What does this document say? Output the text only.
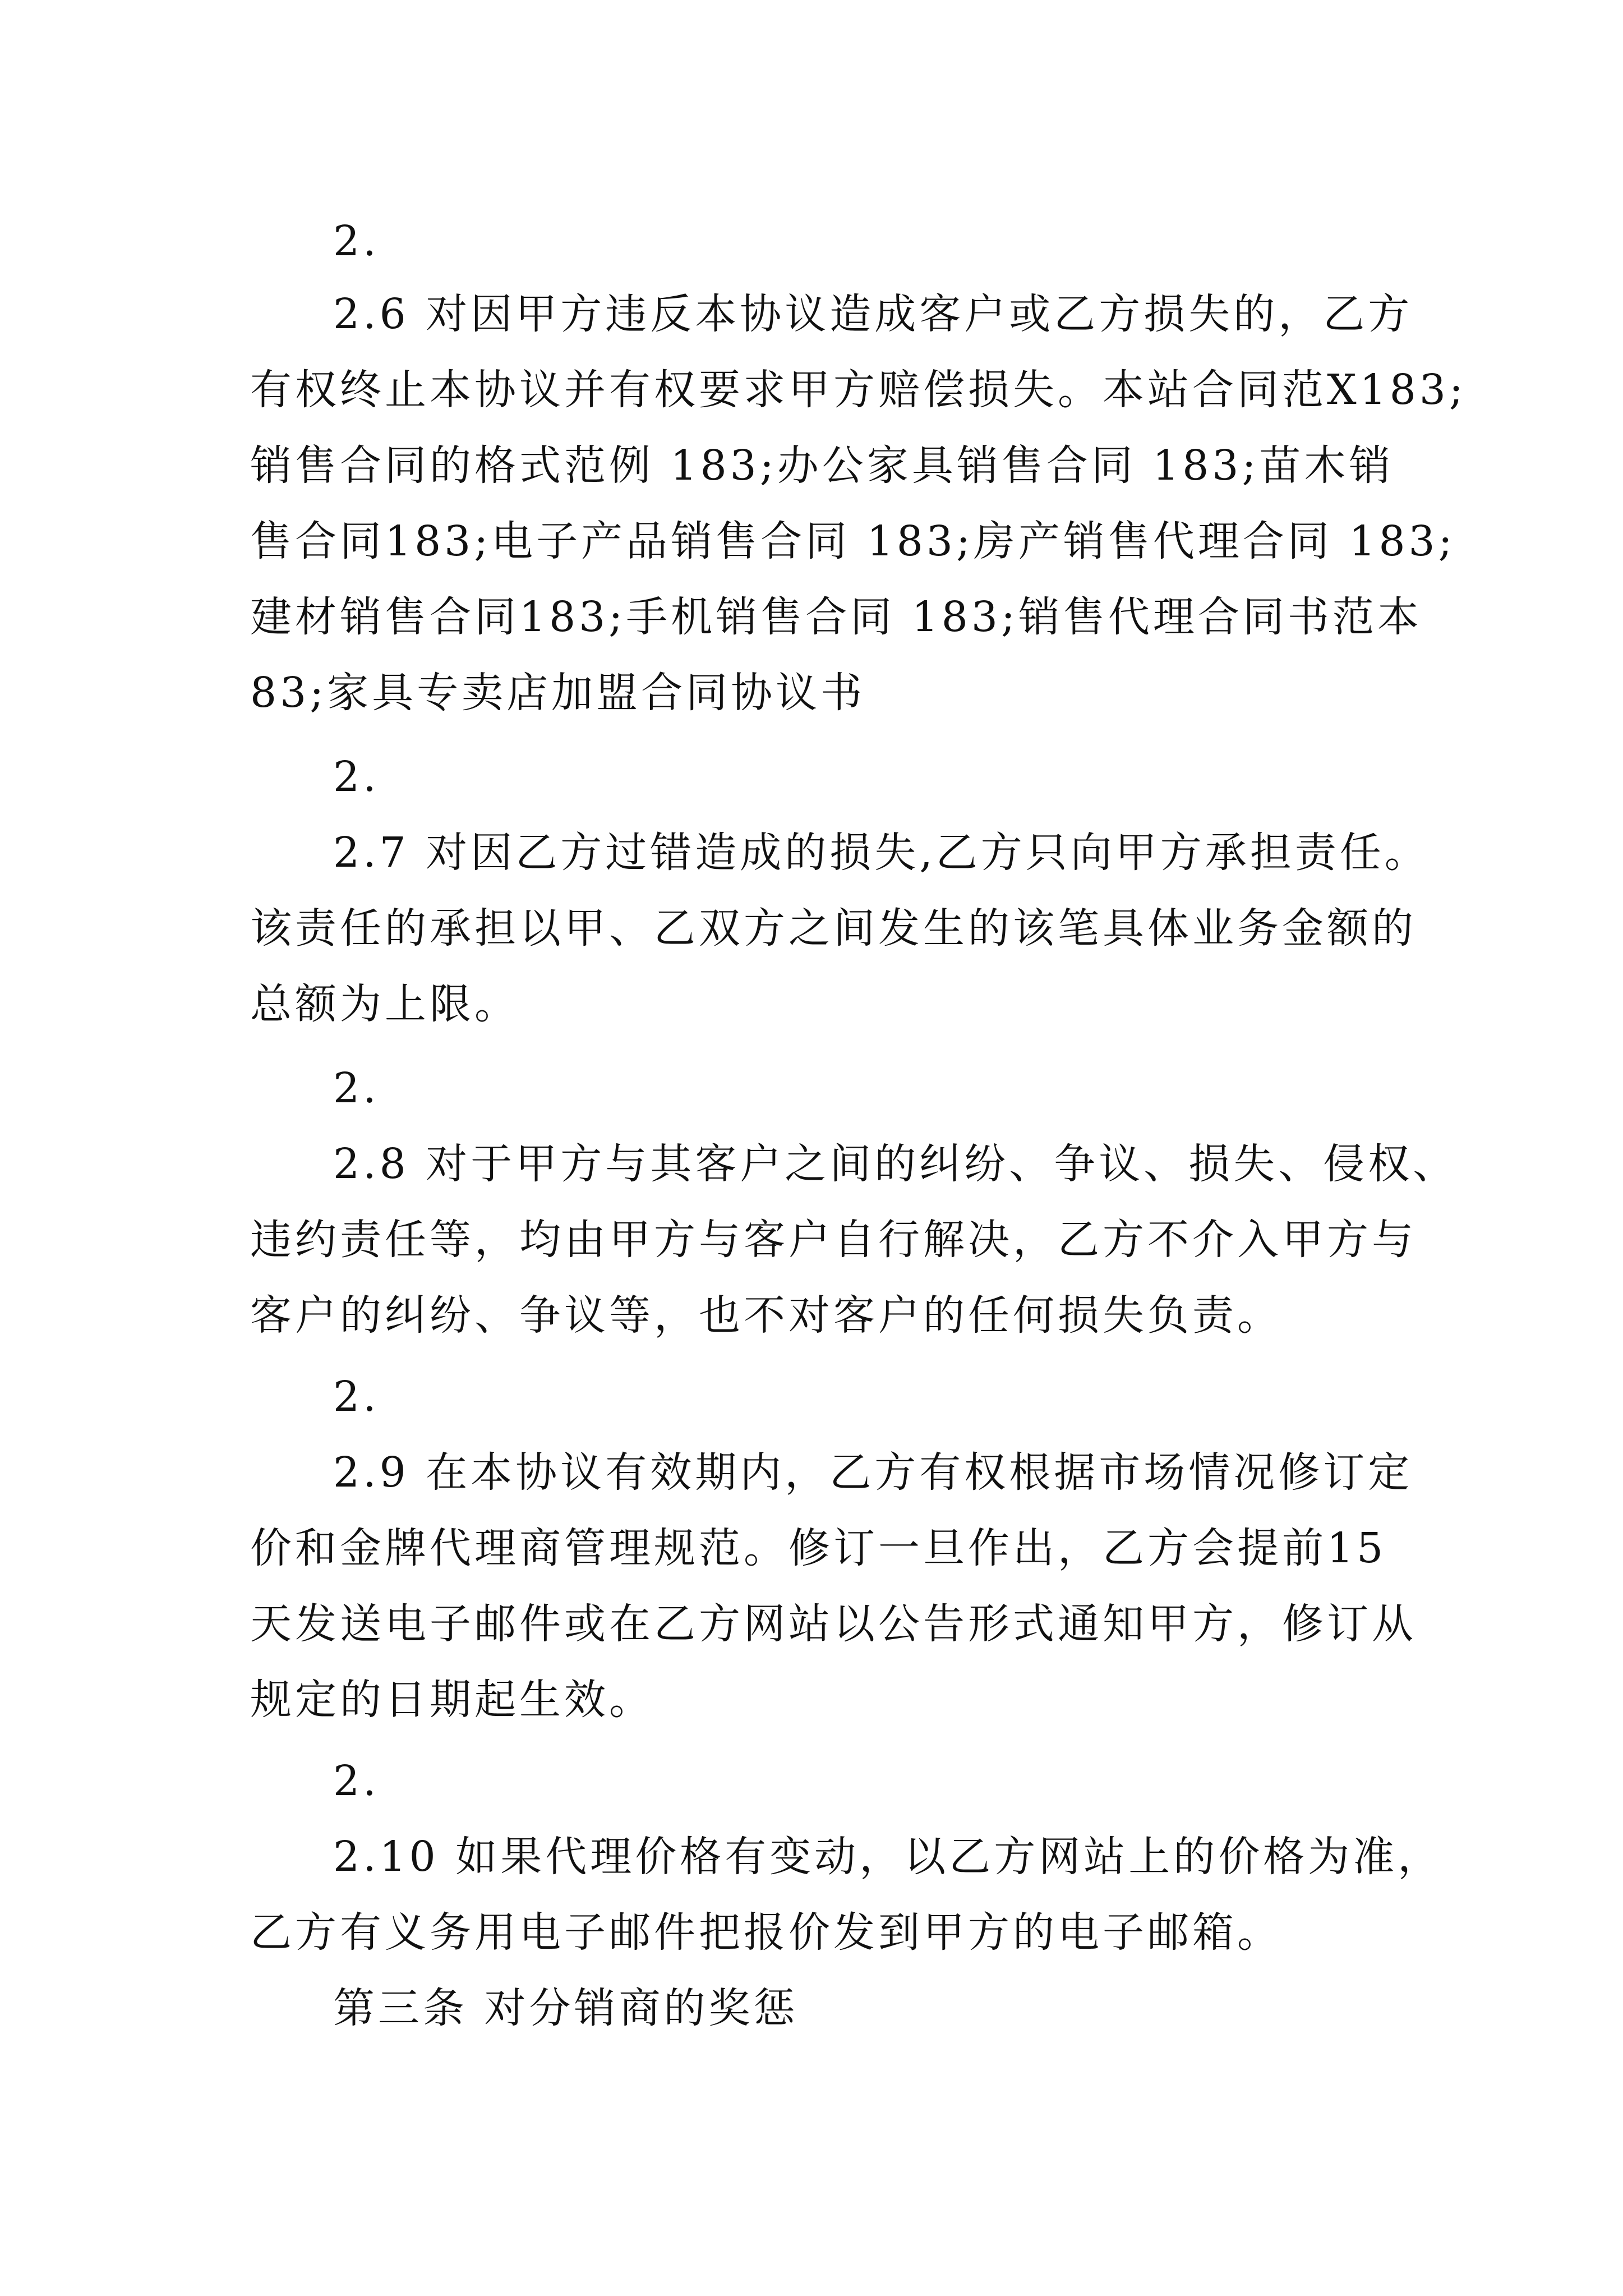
2.

2.6 对因甲方违反本协议造成客户或乙方损失的，乙方

有权终止本协议并有权要求甲方赔偿损失。本站合同范X183;

销售合同的格式范例 183;办公家具销售合同 183;苗木销

售合同183;电子产品销售合同 183;房产销售代理合同 183;

建材销售合同183;手机销售合同 183;销售代理合同书范本

83;家具专卖店加盟合同协议书

2.

2.7 对因乙方过错造成的损失,乙方只向甲方承担责任。

该责任的承担以甲、乙双方之间发生的该笔具体业务金额的

总额为上限。

2.

2.8 对于甲方与其客户之间的纠纷、争议、损失、侵权、

违约责任等，均由甲方与客户自行解决，乙方不介入甲方与

客户的纠纷、争议等，也不对客户的任何损失负责。

2.

2.9 在本协议有效期内，乙方有权根据市场情况修订定

价和金牌代理商管理规范。修订一旦作出，乙方会提前15

天发送电子邮件或在乙方网站以公告形式通知甲方，修订从

规定的日期起生效。

2.

2.10 如果代理价格有变动，以乙方网站上的价格为准，

乙方有义务用电子邮件把报价发到甲方的电子邮箱。

第三条 对分销商的奖惩
